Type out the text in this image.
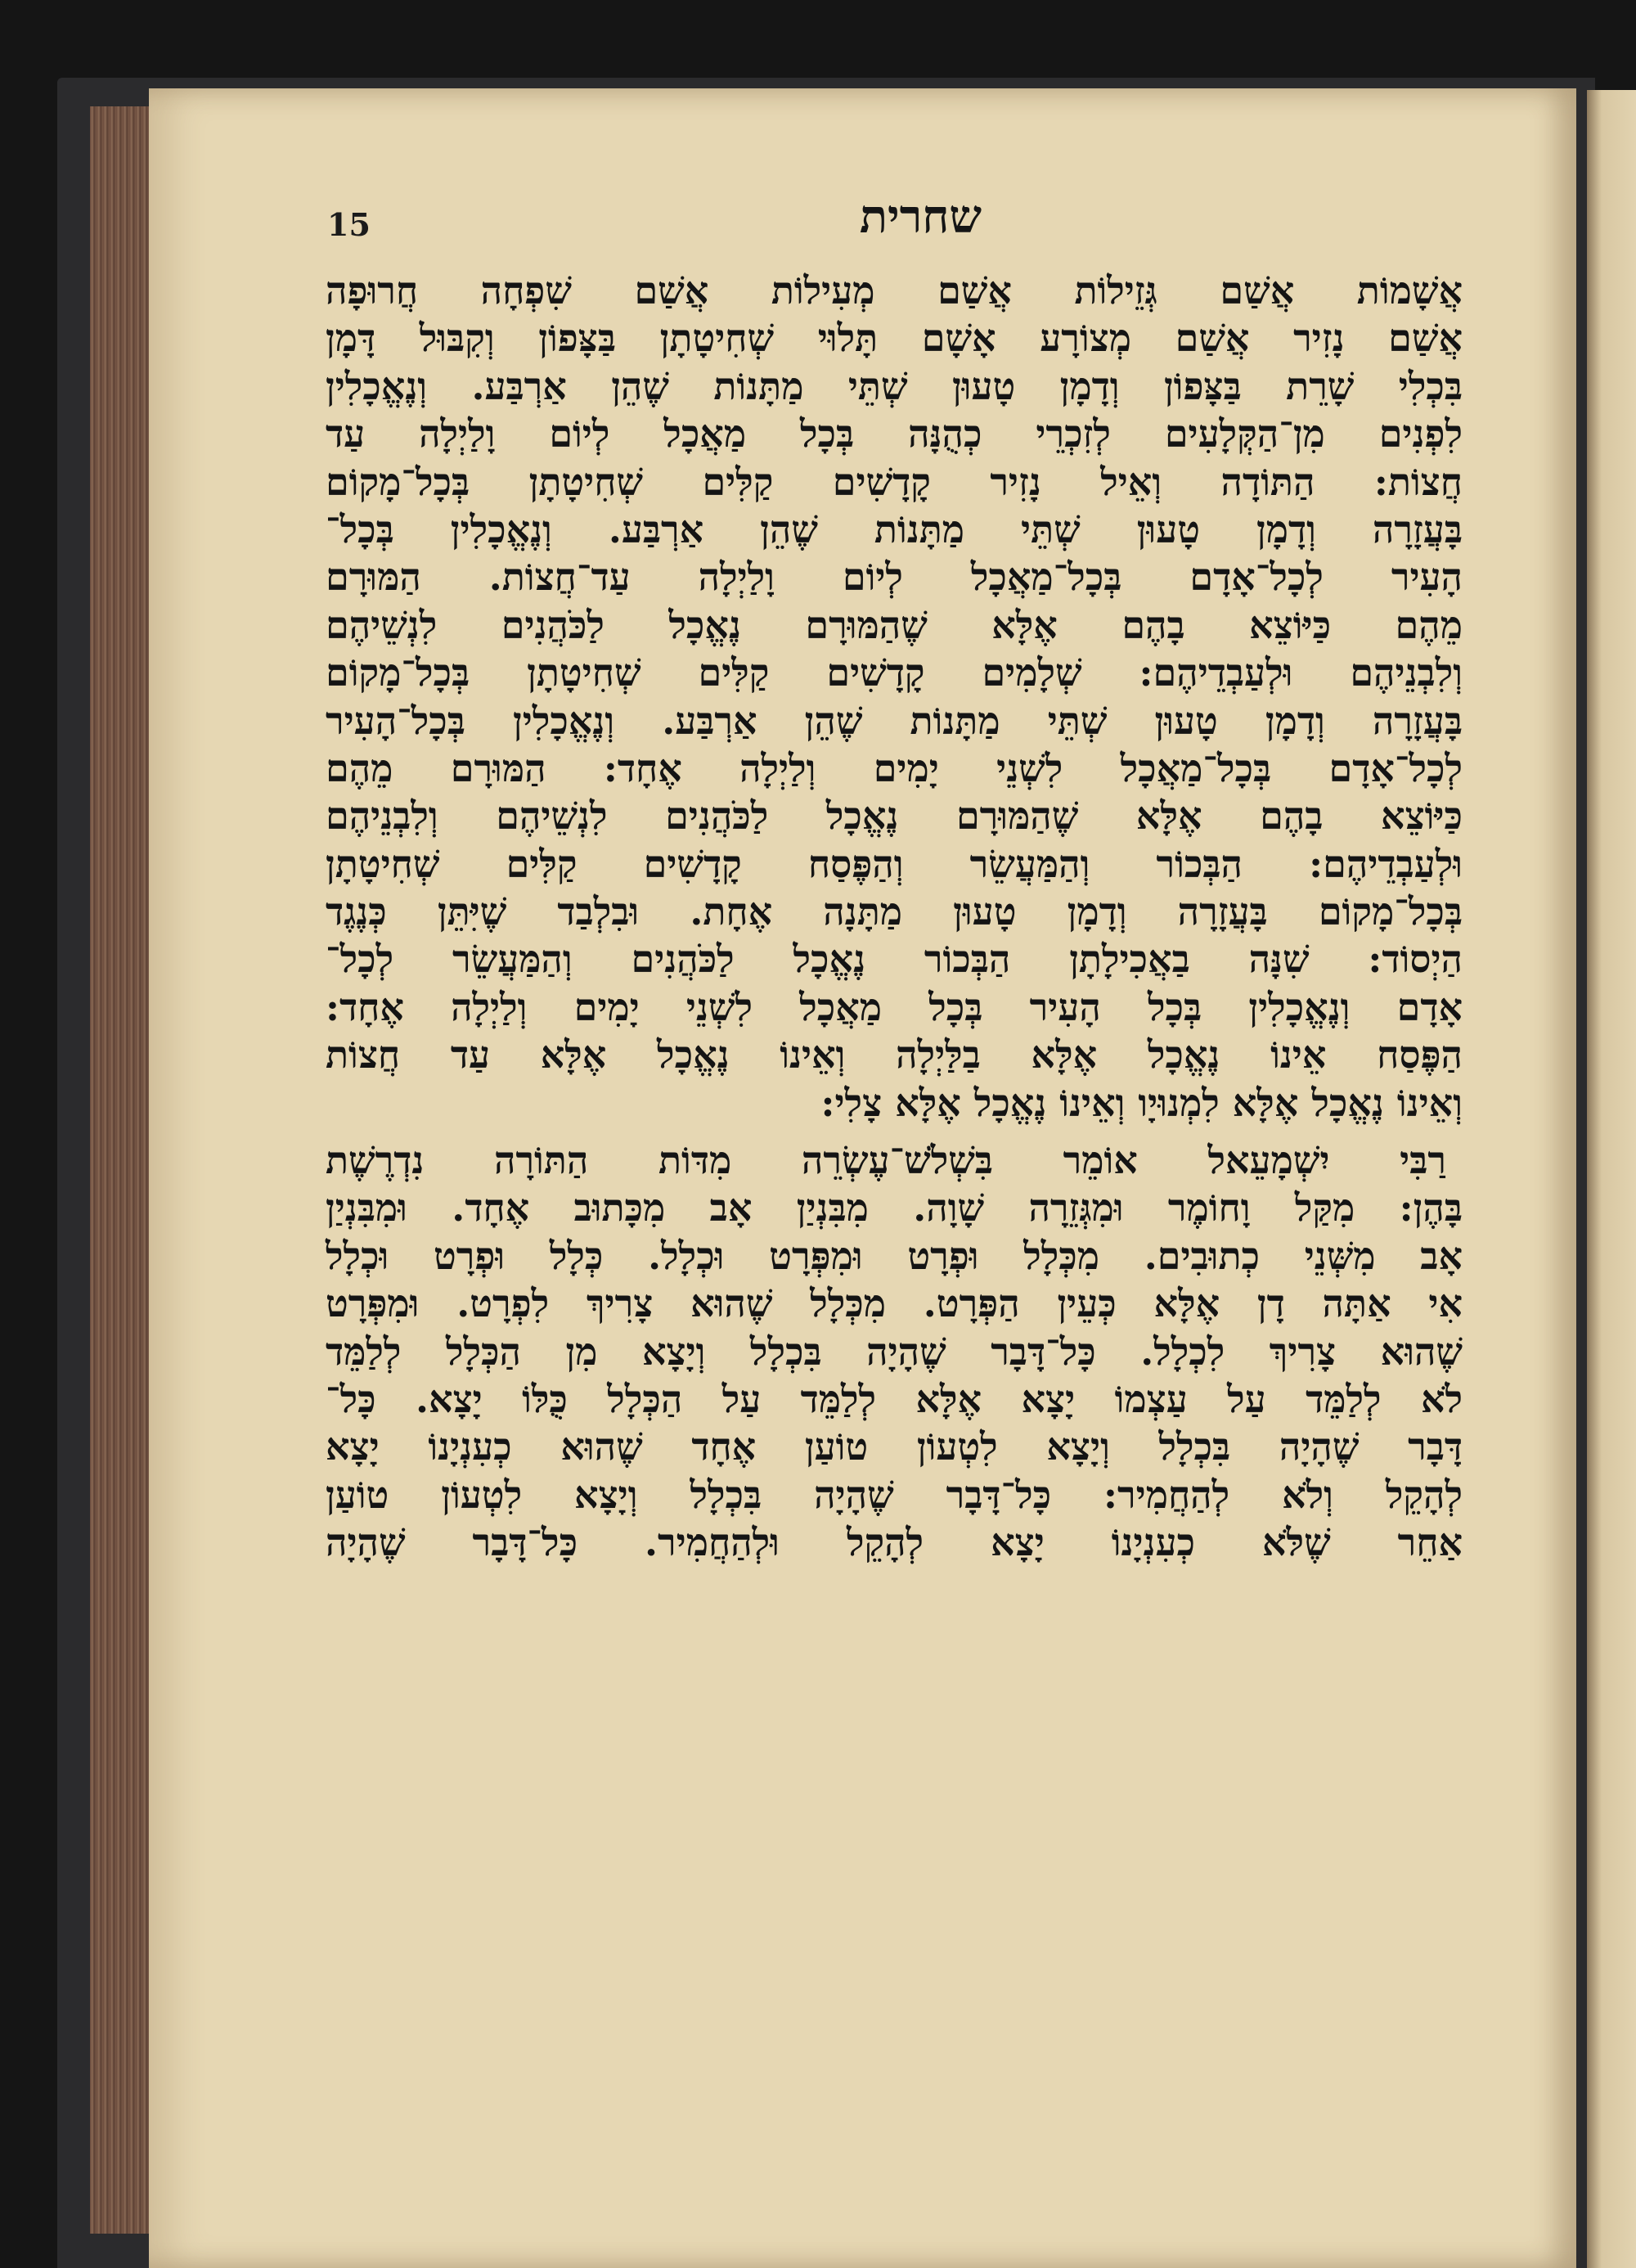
15	שחרית
אֲשָׁמוֹת אֲשַׁם גְּזֵילוֹת אֲשַׁם מְעִילוֹת אֲשַׁם שִׁפְחָה חֲרוּפָה
אֲשַׁם נָזִיר אֲשַׁם מְצוֹרָע אָשָׁם תָּלוּי שְׁחִיטָתָן בַּצָּפוֹן וְקִבּוּל דָּמָן
בִּכְלִי שָׁרֵת בַּצָּפוֹן וְדָמָן טָעוּן שְׁתֵּי מַתָּנוֹת שֶׁהֵן אַרְבַּע. וְנֶאֱכָלִין
לִפְנִים מִן־הַקְּלָעִים לְזִכְרֵי כְהֻנָּה בְּכָל מַאֲכָל לְיוֹם וָלַיְלָה עַד
חֲצוֹת: הַתּוֹדָה וְאֵיל נָזִיר קָדָשִׁים קַלִּים שְׁחִיטָתָן בְּכָל־מָקוֹם
בָּעֲזָרָה וְדָמָן טָעוּן שְׁתֵּי מַתָּנוֹת שֶׁהֵן אַרְבַּע. וְנֶאֱכָלִין בְּכָל־
הָעִיר לְכָל־אָדָם בְּכָל־מַאֲכָל לְיוֹם וָלַיְלָה עַד־חֲצוֹת. הַמּוּרָם
מֵהֶם כַּיּוֹצֵא בָהֶם אֶלָּא שֶׁהַמּוּרָם נֶאֱכָל לַכֹּהֲנִים לִנְשֵׁיהֶם
וְלִבְנֵיהֶם וּלְעַבְדֵיהֶם: שְׁלָמִים קָדָשִׁים קַלִּים שְׁחִיטָתָן בְּכָל־מָקוֹם
בָּעֲזָרָה וְדָמָן טָעוּן שְׁתֵּי מַתָּנוֹת שֶׁהֵן אַרְבַּע. וְנֶאֱכָלִין בְּכָל־הָעִיר
לְכָל־אָדָם בְּכָל־מַאֲכָל לִשְׁנֵי יָמִים וְלַיְלָה אֶחָד: הַמּוּרָם מֵהֶם
כַּיּוֹצֵא בָהֶם אֶלָּא שֶׁהַמּוּרָם נֶאֱכָל לַכֹּהֲנִים לִנְשֵׁיהֶם וְלִבְנֵיהֶם
וּלְעַבְדֵיהֶם: הַבְּכוֹר וְהַמַּעֲשֵׂר וְהַפֶּסַח קָדָשִׁים קַלִּים שְׁחִיטָתָן
בְּכָל־מָקוֹם בָּעֲזָרָה וְדָמָן טָעוּן מַתָּנָה אֶחָת. וּבִלְבַד שֶׁיִּתֵּן כְּנֶגֶד
הַיְסוֹד: שִׁנָּה בַאֲכִילָתָן הַבְּכוֹר נֶאֱכָל לַכֹּהֲנִים וְהַמַּעֲשֵׂר לְכָל־
אָדָם וְנֶאֱכָלִין בְּכָל הָעִיר בְּכָל מַאֲכָל לִשְׁנֵי יָמִים וְלַיְלָה אֶחָד:
הַפֶּסַח אֵינוֹ נֶאֱכָל אֶלָּא בַלַּיְלָה וְאֵינוֹ נֶאֱכָל אֶלָּא עַד חֲצוֹת
וְאֵינוֹ נֶאֱכָל אֶלָּא לִמְנוּיָו וְאֵינוֹ נֶאֱכָל אֶלָּא צָלִי:
רַבִּי יִשְׁמָעֵאל אוֹמֵר בִּשְׁלֹשׁ־עֶשְׂרֵה מִדּוֹת הַתּוֹרָה נִדְרֶשֶׁת
בָּהֶן: מִקַּל וָחוֹמֶר וּמִגְּזֵרָה שָׁוָה. מִבִּנְיַן אָב מִכָּתוּב אֶחָד. וּמִבִּנְיַן
אָב מִשְּׁנֵי כְתוּבִים. מִכְּלָל וּפְרָט וּמִפְּרָט וּכְלָל. כְּלָל וּפְרָט וּכְלָל
אִי אַתָּה דָן אֶלָּא כְּעֵין הַפְּרָט. מִכְּלָל שֶׁהוּא צָרִיךְ לִפְרָט. וּמִפְּרָט
שֶׁהוּא צָרִיךְ לִכְלָל. כָּל־דָּבָר שֶׁהָיָה בִּכְלָל וְיָצָא מִן הַכְּלָל לְלַמֵּד
לֹא לְלַמֵּד עַל עַצְמוֹ יָצָא אֶלָּא לְלַמֵּד עַל הַכְּלָל כֻּלּוֹ יָצָא. כָּל־
דָּבָר שֶׁהָיָה בִּכְלָל וְיָצָא לִטְעוֹן טוֹעַן אֶחָד שֶׁהוּא כְעִנְיָנוֹ יָצָא
לְהָקֵל וְלֹא לְהַחֲמִיר: כָּל־דָּבָר שֶׁהָיָה בִּכְלָל וְיָצָא לִטְעוֹן טוֹעַן
אַחֵר שֶׁלֹּא כְעִנְיָנוֹ יָצָא לְהָקֵל וּלְהַחֲמִיר. כָּל־דָּבָר שֶׁהָיָה
